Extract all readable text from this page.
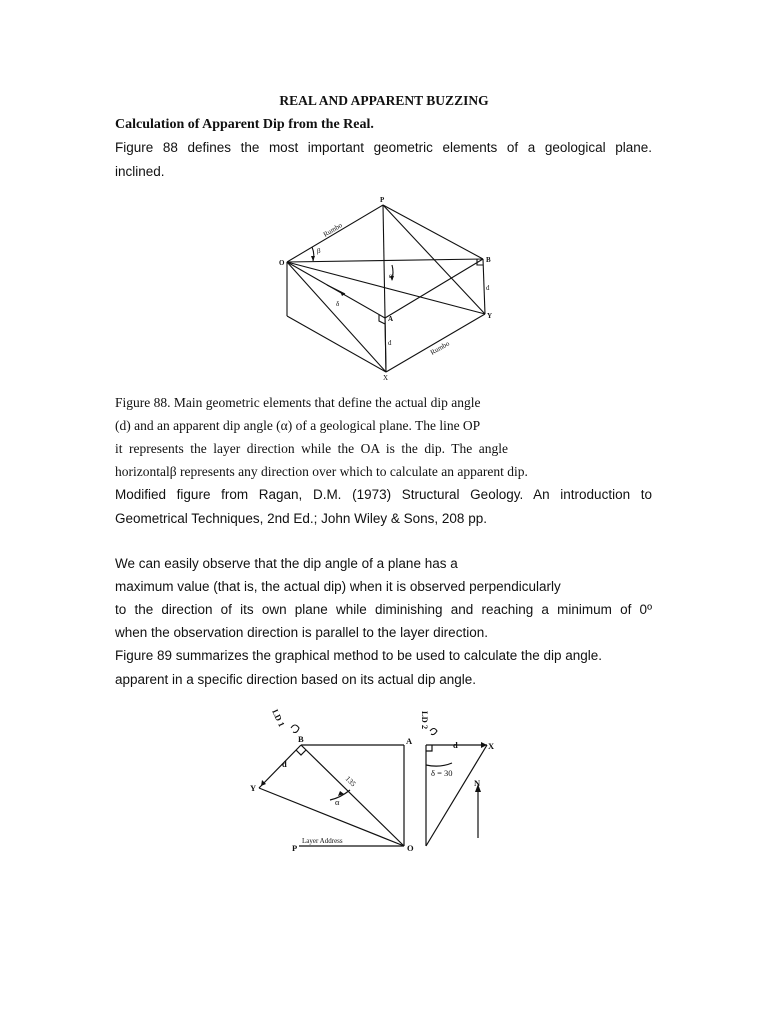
REAL AND APPARENT BUZZING
Calculation of Apparent Dip from the Real.
Figure 88 defines the most important geometric elements of a geological plane.
inclined.
P
O	B
A	Y
X
β
α
δ
d
d
Rumbo
Rumbo
Figure 88. Main geometric elements that define the actual dip angle
(d) and an apparent dip angle (α) of a geological plane. The line OP
it represents the layer direction while the OA is the dip. The angle
horizontalβ represents any direction over which to calculate an apparent dip.
Modified figure from Ragan, D.M. (1973) Structural Geology. An introduction to
Geometrical Techniques, 2nd Ed.; John Wiley & Sons, 208 pp.
We can easily observe that the dip angle of a plane has a
maximum value (that is, the actual dip) when it is observed perpendicularly
to the direction of its own plane while diminishing and reaching a minimum of 0º
when the observation direction is parallel to the layer direction.
Figure 89 summarizes the graphical method to be used to calculate the dip angle.
apparent in a specific direction based on its actual dip angle.
LD 1	LD 2
B	A
Y
O
P
X
N
d
d
α
135
δ = 30
Layer Address
